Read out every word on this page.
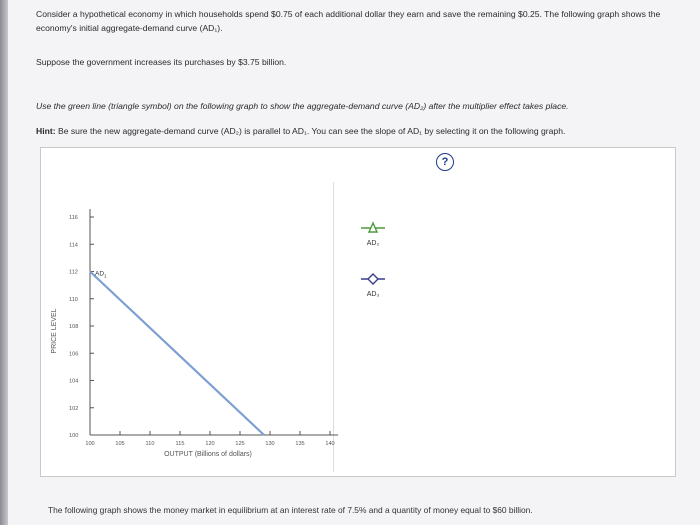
Consider a hypothetical economy in which households spend $0.75 of each additional dollar they earn and save the remaining $0.25. The following graph shows the economy's initial aggregate-demand curve (AD₁).
Suppose the government increases its purchases by $3.75 billion.
Use the green line (triangle symbol) on the following graph to show the aggregate-demand curve (AD₂) after the multiplier effect takes place.
Hint: Be sure the new aggregate-demand curve (AD₂) is parallel to AD₁. You can see the slope of AD₁ by selecting it on the following graph.
?
100
102
104
106
108
110
112
114
116
100	105	110	115	120	125	130	135	140
OUTPUT (Billions of dollars)
PRICE LEVEL
$AD_1$
AD₂
AD₃
The following graph shows the money market in equilibrium at an interest rate of 7.5% and a quantity of money equal to $60 billion.
